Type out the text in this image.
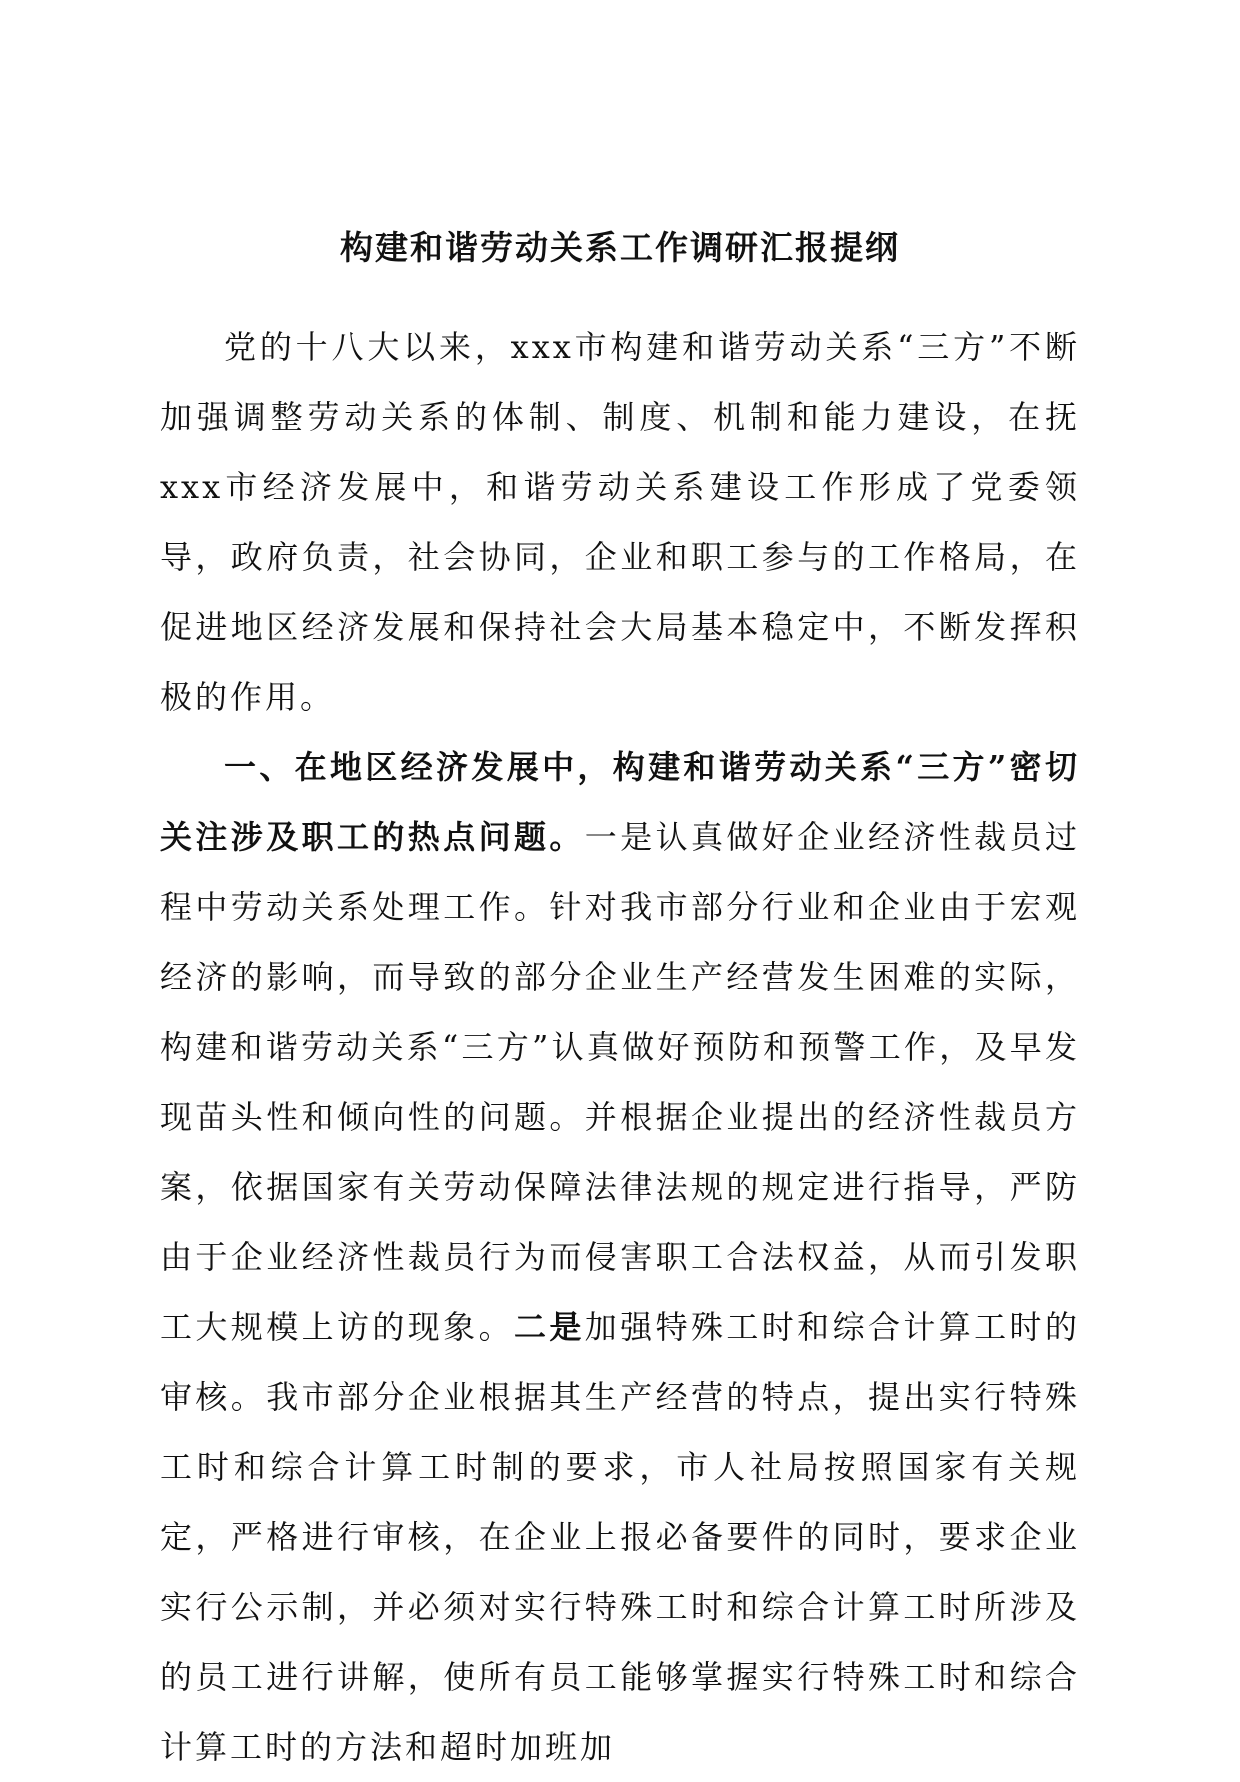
构建和谐劳动关系工作调研汇报提纲

党的十八大以来，xxx市构建和谐劳动关系“三方”不断加强调整劳动关系的体制、制度、机制和能力建设，在抚xxx市经济发展中，和谐劳动关系建设工作形成了党委领导，政府负责，社会协同，企业和职工参与的工作格局，在促进地区经济发展和保持社会大局基本稳定中，不断发挥积极的作用。

一、在地区经济发展中，构建和谐劳动关系“三方”密切关注涉及职工的热点问题。一是认真做好企业经济性裁员过程中劳动关系处理工作。针对我市部分行业和企业由于宏观经济的影响，而导致的部分企业生产经营发生困难的实际，构建和谐劳动关系“三方”认真做好预防和预警工作，及早发现苗头性和倾向性的问题。并根据企业提出的经济性裁员方案，依据国家有关劳动保障法律法规的规定进行指导，严防由于企业经济性裁员行为而侵害职工合法权益，从而引发职工大规模上访的现象。二是加强特殊工时和综合计算工时的审核。我市部分企业根据其生产经营的特点，提出实行特殊工时和综合计算工时制的要求，市人社局按照国家有关规定，严格进行审核，在企业上报必备要件的同时，要求企业实行公示制，并必须对实行特殊工时和综合计算工时所涉及的员工进行讲解，使所有员工能够掌握实行特殊工时和综合计算工时的方法和超时加班加
